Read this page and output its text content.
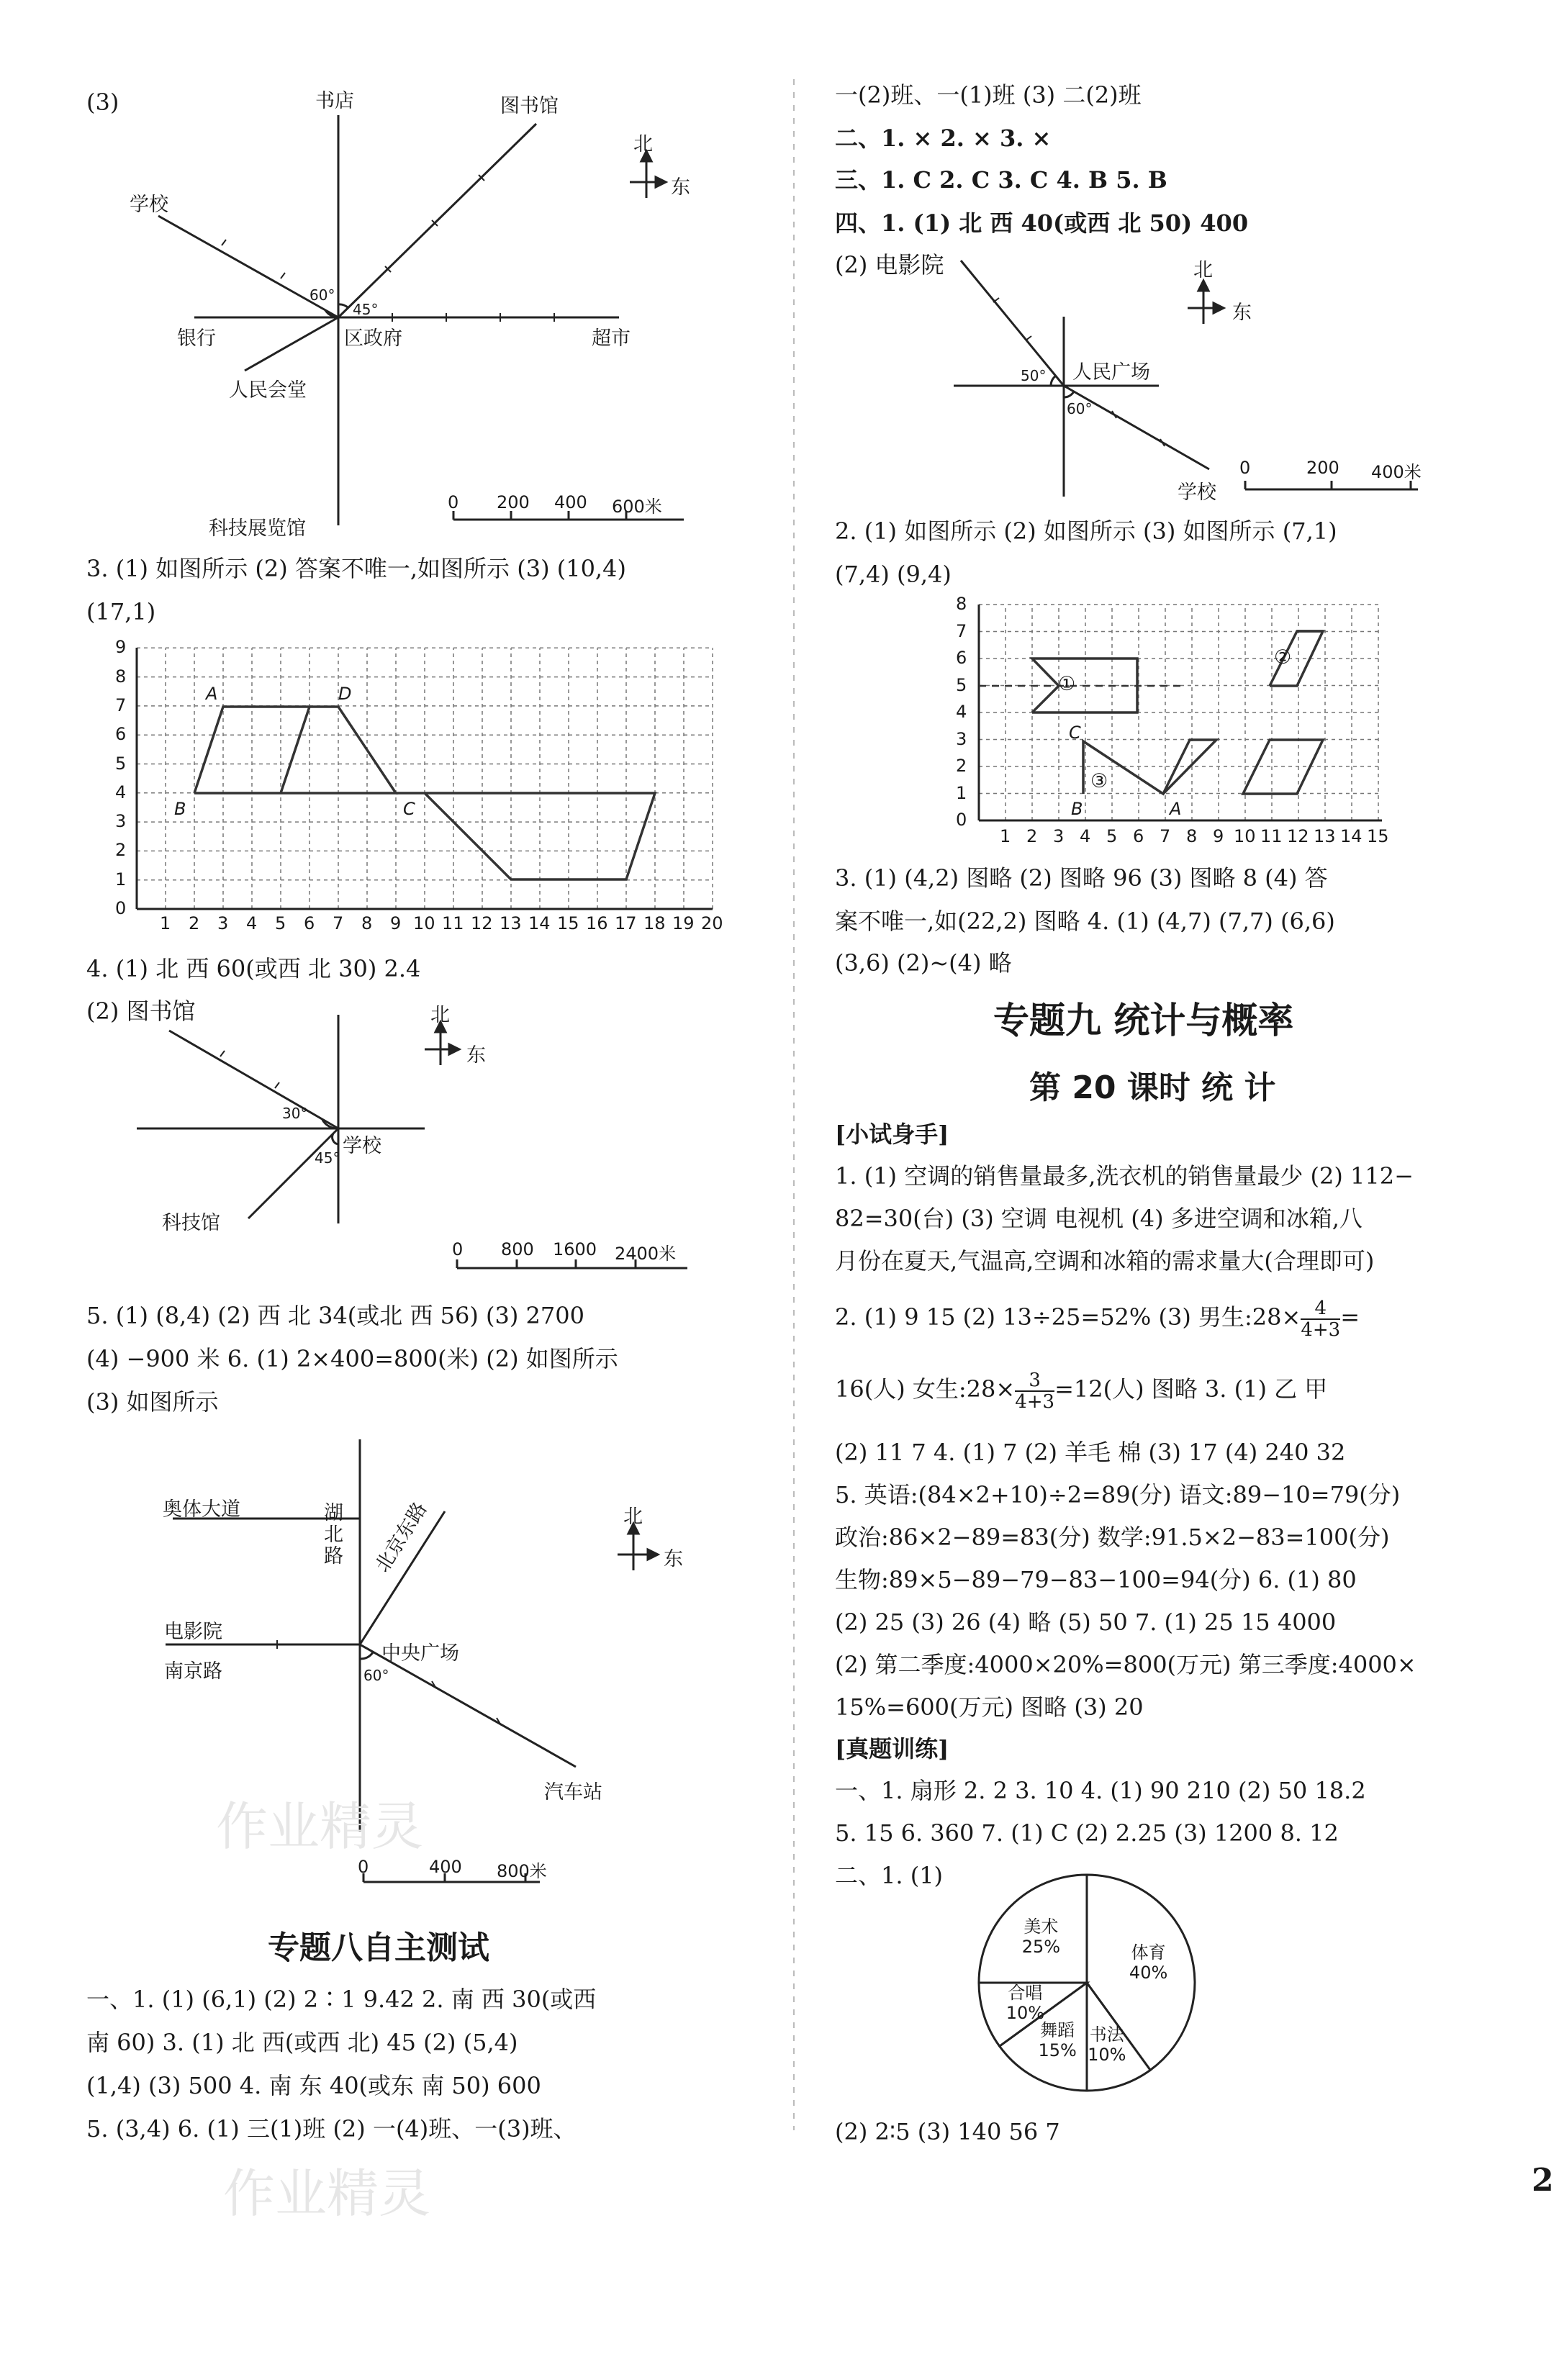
(3)	书店	图书馆
学校
银行	区政府	超市
人民会堂
科技展览馆
60°
45°
北
东
0 200 400 600米
3. (1) 如图所示 (2) 答案不唯一,如图所示 (3) (10,4)
(17,1)
0
1
2
3
4
5
6
7
8
9
1 2 3 4 5 6 7 8 9 10 11 12 13 14 15 16 17 18 19 20
A	D
B	C
4. (1) 北 西 60(或西 北 30) 2.4
(2) 图书馆
学校
科技馆
30°
45°
北
东
0 800 1600 2400米
5. (1) (8,4) (2) 西 北 34(或北 西 56) (3) 2700
(4) −900 米 6. (1) 2×400=800(米) (2) 如图所示
(3) 如图所示
奥体大道	湖北路 北京东路
电影院
南京路
中央广场
汽车站
60°
北
东
0	400 800米
专题八自主测试
一、1. (1) (6,1) (2) 2∶1 9.42 2. 南 西 30(或西
南 60) 3. (1) 北 西(或西 北) 45 (2) (5,4)
(1,4) (3) 500 4. 南 东 40(或东 南 50) 600
5. (3,4) 6. (1) 三(1)班 (2) 一(4)班、一(3)班、
作业精灵
作业精灵
一(2)班、一(1)班 (3) 二(2)班
二、1. × 2. × 3. ×
三、1. C 2. C 3. C 4. B 5. B
四、1. (1) 北 西 40(或西 北 50) 400
(2) 电影院
人民广场
学校
50°
60°
北
东
0	200 400米
2. (1) 如图所示 (2) 如图所示 (3) 如图所示 (7,1)
(7,4) (9,4)
0
1
2
3
4
5
6
7
8
1 2 3 4 5 6 7 8 9 10 11 12 13 14 15
①
②
③
C
B	A
3. (1) (4,2) 图略 (2) 图略 96 (3) 图略 8 (4) 答
案不唯一,如(22,2) 图略 4. (1) (4,7) (7,7) (6,6)
(3,6) (2)~(4) 略
专题九 统计与概率
第 20 课时 统 计
[小试身手]
1. (1) 空调的销售量最多,洗衣机的销售量最少 (2) 112−
82=30(台) (3) 空调 电视机 (4) 多进空调和冰箱,八
月份在夏天,气温高,空调和冰箱的需求量大(合理即可)
2. (1) 9 15 (2) 13÷25=52% (3) 男生:28× $\frac{4}{4+3}$ =
16(人) 女生:28× $\frac{3}{4+3} =12$(人) 图略 3. (1) 乙 甲
(2) 11 7 4. (1) 7 (2) 羊毛 棉 (3) 17 (4) 240 32
5. 英语:(84×2+10)÷2=89(分) 语文:89−10=79(分)
政治:86×2−89=83(分) 数学:91.5×2−83=100(分)
生物:89×5−89−79−83−100=94(分) 6. (1) 80
(2) 25 (3) 26 (4) 略 (5) 50 7. (1) 25 15 4000
(2) 第二季度:4000×20%=800(万元) 第三季度:4000×
15%=600(万元) 图略 (3) 20
[真题训练]
一、1. 扇形 2. 2 3. 10 4. (1) 90 210 (2) 50 18.2
5. 15 6. 360 7. (1) C (2) 2.25 (3) 1200 8. 12
二、1. (1)
体育
40%
书法
10%
舞蹈
15%
合唱
10%
美术
25%
(2) 2∶5 (3) 140 56 7
2
